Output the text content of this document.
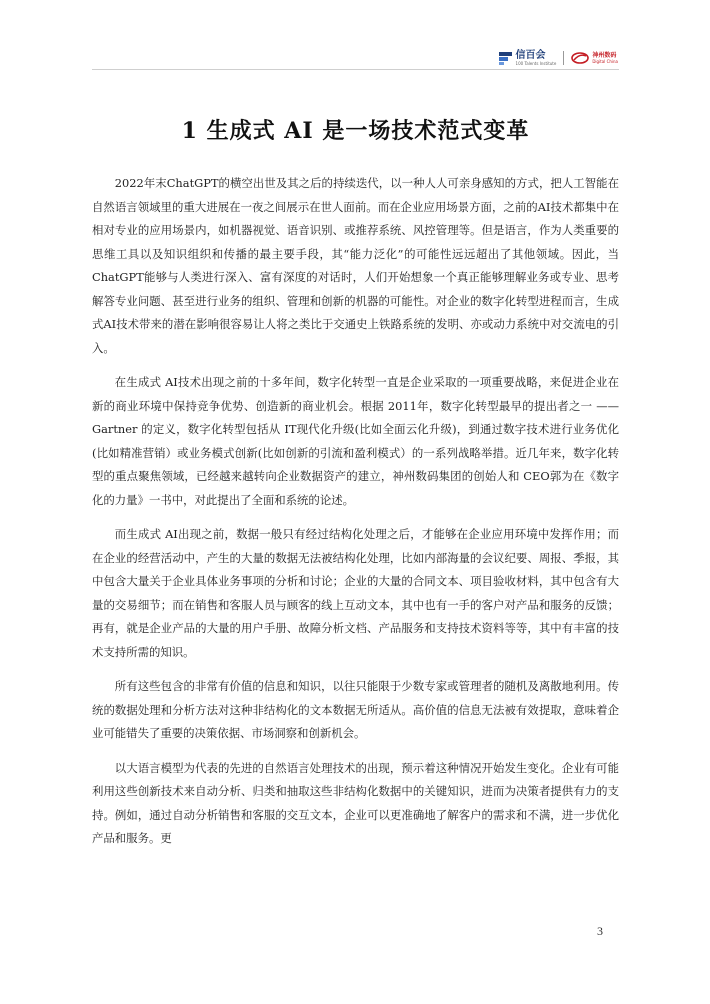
信百会
100 Talents Institute
神州数码
Digital China
1 生成式 AI 是一场技术范式变革

2022年末ChatGPT的横空出世及其之后的持续迭代，以一种人人可亲身感知的方式，把人工智能在自然语言领域里的重大进展在一夜之间展示在世人面前。而在企业应用场景方面，之前的AI技术都集中在相对专业的应用场景内，如机器视觉、语音识别、或推荐系统、风控管理等。但是语言，作为人类重要的思维工具以及知识组织和传播的最主要手段，其“能力泛化”的可能性远远超出了其他领域。因此，当ChatGPT能够与人类进行深入、富有深度的对话时，人们开始想象一个真正能够理解业务或专业、思考解答专业问题、甚至进行业务的组织、管理和创新的机器的可能性。对企业的数字化转型进程而言，生成式AI技术带来的潜在影响很容易让人将之类比于交通史上铁路系统的发明、亦或动力系统中对交流电的引入。

在生成式 AI技术出现之前的十多年间，数字化转型一直是企业采取的一项重要战略，来促进企业在新的商业环境中保持竞争优势、创造新的商业机会。根据 2011年，数字化转型最早的提出者之一 —— Gartner 的定义，数字化转型包括从 IT现代化升级(比如全面云化升级)，到通过数字技术进行业务优化(比如精准营销）或业务模式创新(比如创新的引流和盈利模式）的一系列战略举措。近几年来，数字化转型的重点聚焦领域，已经越来越转向企业数据资产的建立，神州数码集团的创始人和 CEO郭为在《数字化的力量》一书中，对此提出了全面和系统的论述。

而生成式 AI出现之前，数据一般只有经过结构化处理之后，才能够在企业应用环境中发挥作用；而在企业的经营活动中，产生的大量的数据无法被结构化处理，比如内部海量的会议纪要、周报、季报，其中包含大量关于企业具体业务事项的分析和讨论；企业的大量的合同文本、项目验收材料，其中包含有大量的交易细节；而在销售和客服人员与顾客的线上互动文本，其中也有一手的客户对产品和服务的反馈；再有，就是企业产品的大量的用户手册、故障分析文档、产品服务和支持技术资料等等，其中有丰富的技术支持所需的知识。

所有这些包含的非常有价值的信息和知识，以往只能限于少数专家或管理者的随机及离散地利用。传统的数据处理和分析方法对这种非结构化的文本数据无所适从。高价值的信息无法被有效提取，意味着企业可能错失了重要的决策依据、市场洞察和创新机会。

以大语言模型为代表的先进的自然语言处理技术的出现，预示着这种情况开始发生变化。企业有可能利用这些创新技术来自动分析、归类和抽取这些非结构化数据中的关键知识，进而为决策者提供有力的支持。例如，通过自动分析销售和客服的交互文本，企业可以更准确地了解客户的需求和不满，进一步优化产品和服务。更

3
